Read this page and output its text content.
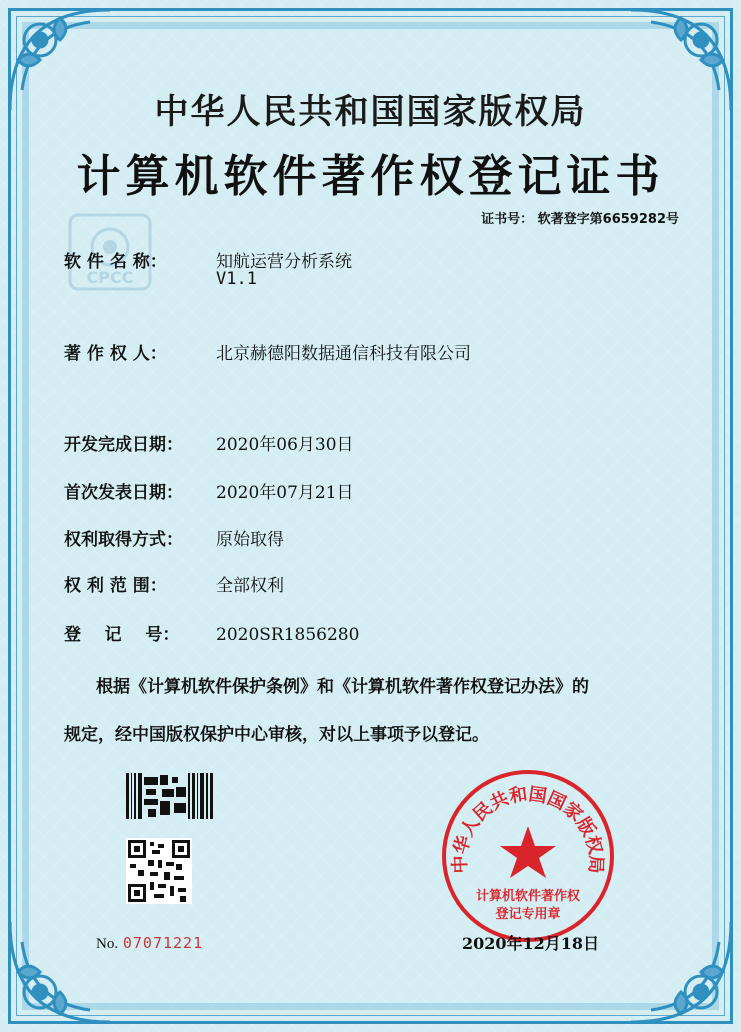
CPCC
中华人民共和国国家版权局
计算机软件著作权登记证书
证书号： 软著登字第6659282号
软 件 名 称：	知航运营分析系统
V1.1
著 作 权 人：	北京赫德阳数据通信科技有限公司
开发完成日期： 2020年06月30日
首次发表日期： 2020年07月21日
权利取得方式： 原始取得
权 利 范 围：	全部权利
登    记    号： 2020SR1856280
根据《计算机软件保护条例》和《计算机软件著作权登记办法》的
规定，经中国版权保护中心审核，对以上事项予以登记。
No. 07071221
中华人民共和国国家版权局
计算机软件著作权
登记专用章
2020年12月18日
